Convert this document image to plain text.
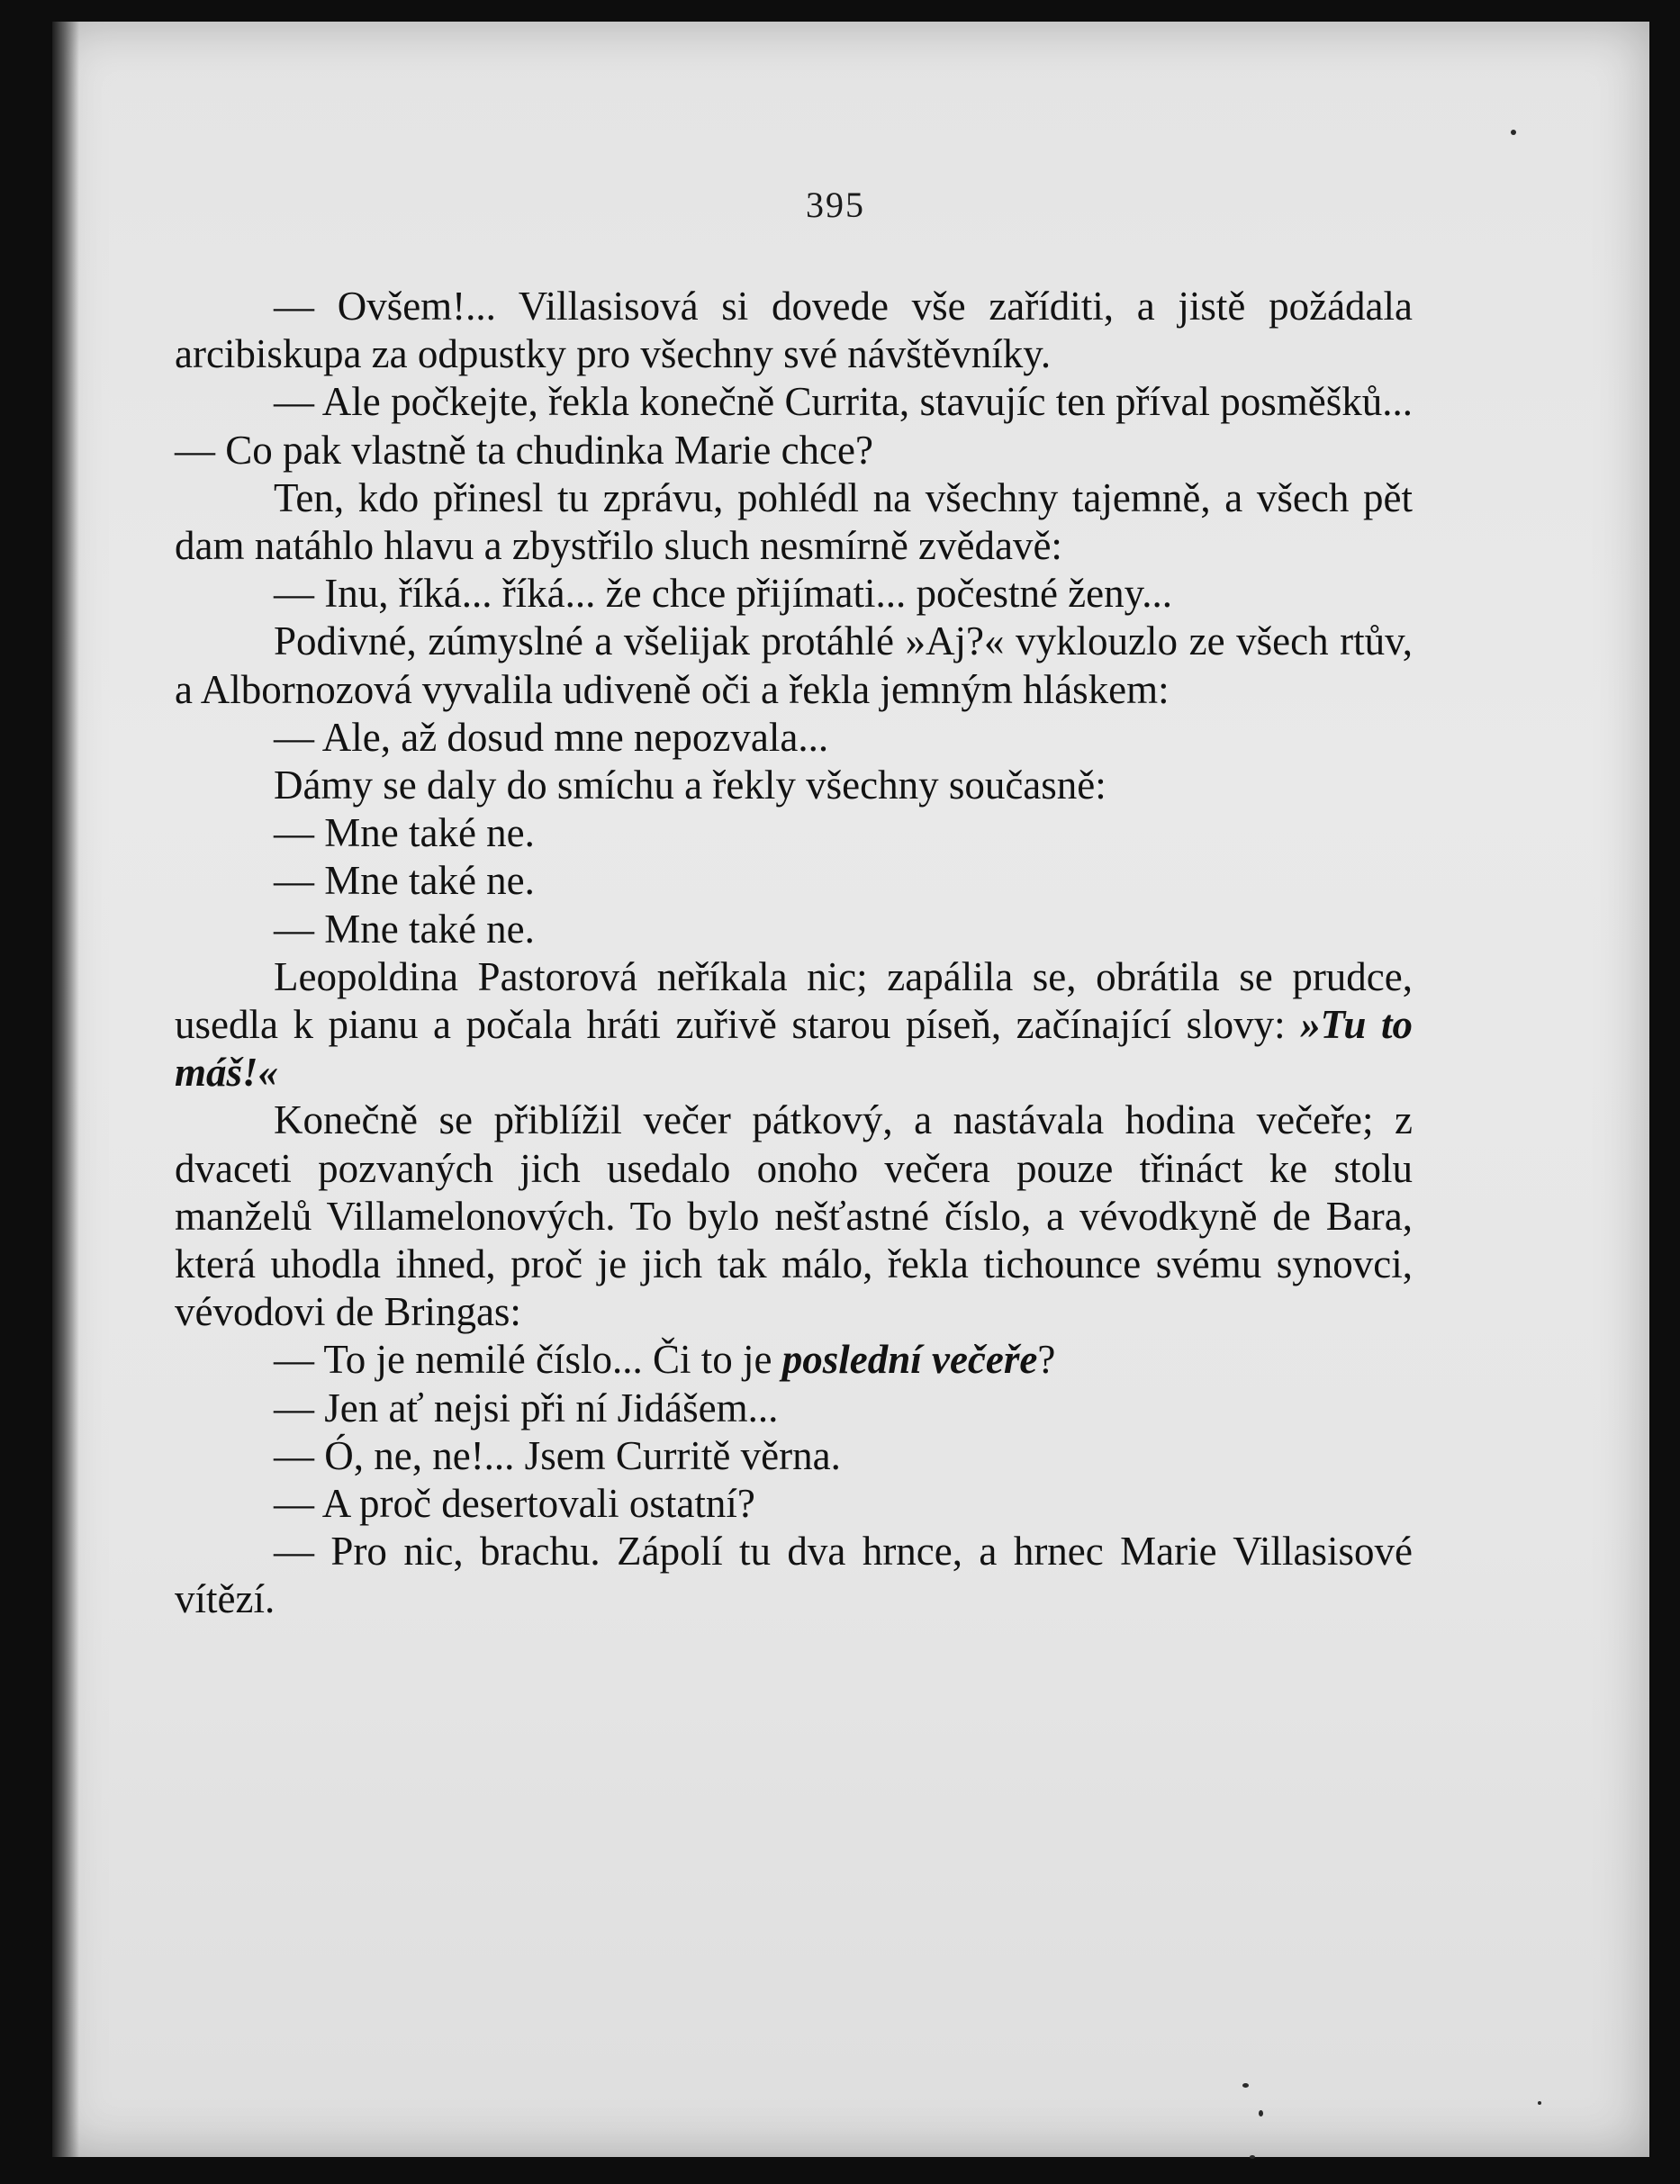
395

— Ovšem!... Villasisová si dovede vše zaříditi, a jistě požádala arcibiskupa za odpustky pro všechny své návštěvníky.

— Ale počkejte, řekla konečně Currita, stavujíc ten příval posměšků... — Co pak vlastně ta chudinka Marie chce?

Ten, kdo přinesl tu zprávu, pohlédl na všechny tajemně, a všech pět dam natáhlo hlavu a zbystřilo sluch nesmírně zvědavě:

— Inu, říká... říká... že chce přijímati... počestné ženy...

Podivné, zúmyslné a všelijak protáhlé »Aj?« vyklouzlo ze všech rtův, a Albornozová vyvalila udiveně oči a řekla jemným hláskem:

— Ale, až dosud mne nepozvala...

Dámy se daly do smíchu a řekly všechny současně:

— Mne také ne.

— Mne také ne.

— Mne také ne.

Leopoldina Pastorová neříkala nic; zapálila se, obrátila se prudce, usedla k pianu a počala hráti zuřivě starou píseň, začínající slovy: »Tu to máš!«

Konečně se přiblížil večer pátkový, a nastávala hodina večeře; z dvaceti pozvaných jich usedalo onoho večera pouze třináct ke stolu manželů Villamelonových. To bylo nešťastné číslo, a vévodkyně de Bara, která uhodla ihned, proč je jich tak málo, řekla tichounce svému synovci, vévodovi de Bringas:

— To je nemilé číslo... Či to je poslední večeře?

— Jen ať nejsi při ní Jidášem...

— Ó, ne, ne!... Jsem Curritě věrna.

— A proč desertovali ostatní?

— Pro nic, brachu. Zápolí tu dva hrnce, a hrnec Marie Villasisové vítězí.
